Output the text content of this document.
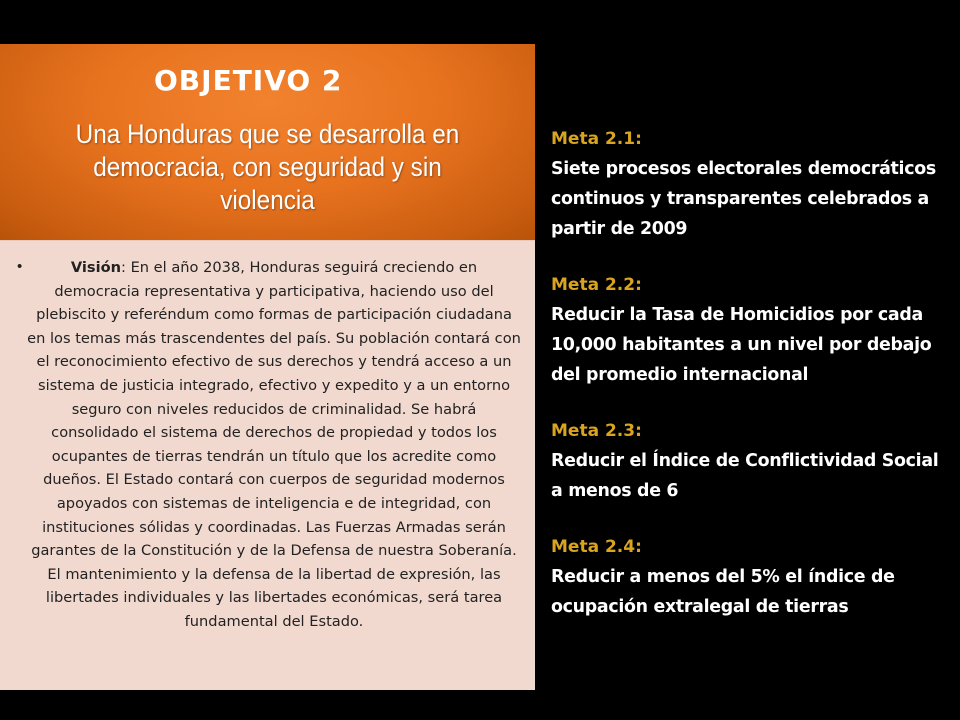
OBJETIVO 2

Una Honduras que se desarrolla en democracia, con seguridad y sin violencia

•	Visión: En el año 2038, Honduras seguirá creciendo en democracia representativa y participativa, haciendo uso del plebiscito y referéndum como formas de participación ciudadana en los temas más trascendentes del país. Su población contará con el reconocimiento efectivo de sus derechos y tendrá acceso a un sistema de justicia integrado, efectivo y expedito y a un entorno seguro con niveles reducidos de criminalidad. Se habrá consolidado el sistema de derechos de propiedad y todos los ocupantes de tierras tendrán un título que los acredite como dueños. El Estado contará con cuerpos de seguridad modernos apoyados con sistemas de inteligencia e de integridad, con instituciones sólidas y coordinadas. Las Fuerzas Armadas serán garantes de la Constitución y de la Defensa de nuestra Soberanía. El mantenimiento y la defensa de la libertad de expresión, las libertades individuales y las libertades económicas, será tarea fundamental del Estado.

Meta 2.1:
Siete procesos electorales democráticos continuos y transparentes celebrados a partir de 2009
Meta 2.2:
Reducir la Tasa de Homicidios por cada 10,000 habitantes a un nivel por debajo del promedio internacional
Meta 2.3:
Reducir el Índice de Conflictividad Social a menos de 6
Meta 2.4:
Reducir a menos del 5% el índice de ocupación extralegal de tierras
